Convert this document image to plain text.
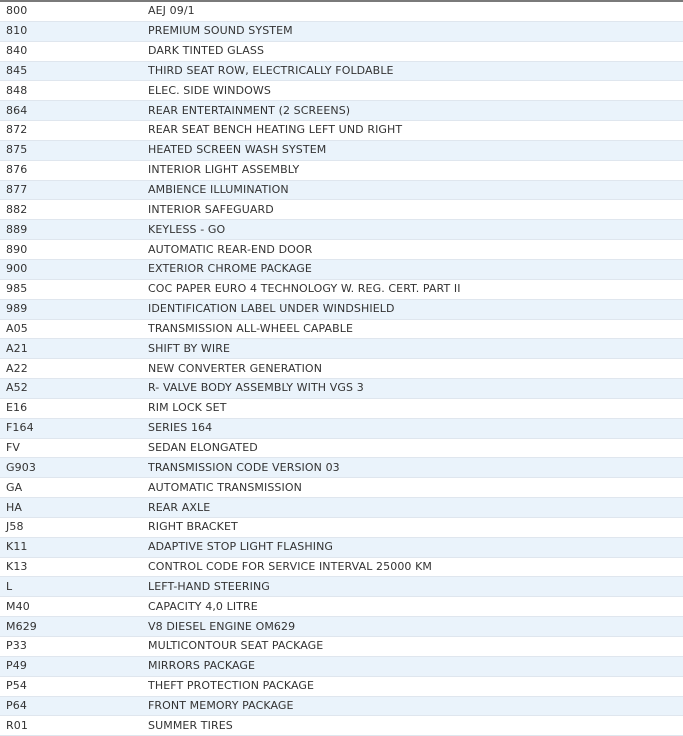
800	AEJ 09/1
810	PREMIUM SOUND SYSTEM
840	DARK TINTED GLASS
845	THIRD SEAT ROW, ELECTRICALLY FOLDABLE
848	ELEC. SIDE WINDOWS
864	REAR ENTERTAINMENT (2 SCREENS)
872	REAR SEAT BENCH HEATING LEFT UND RIGHT
875	HEATED SCREEN WASH SYSTEM
876	INTERIOR LIGHT ASSEMBLY
877	AMBIENCE ILLUMINATION
882	INTERIOR SAFEGUARD
889	KEYLESS - GO
890	AUTOMATIC REAR-END DOOR
900	EXTERIOR CHROME PACKAGE
985	COC PAPER EURO 4 TECHNOLOGY W. REG. CERT. PART II
989	IDENTIFICATION LABEL UNDER WINDSHIELD
A05	TRANSMISSION ALL-WHEEL CAPABLE
A21	SHIFT BY WIRE
A22	NEW CONVERTER GENERATION
A52	R- VALVE BODY ASSEMBLY WITH VGS 3
E16	RIM LOCK SET
F164	SERIES 164
FV	SEDAN ELONGATED
G903	TRANSMISSION CODE VERSION 03
GA	AUTOMATIC TRANSMISSION
HA	REAR AXLE
J58	RIGHT BRACKET
K11	ADAPTIVE STOP LIGHT FLASHING
K13	CONTROL CODE FOR SERVICE INTERVAL 25000 KM
L	LEFT-HAND STEERING
M40	CAPACITY 4,0 LITRE
M629	V8 DIESEL ENGINE OM629
P33	MULTICONTOUR SEAT PACKAGE
P49	MIRRORS PACKAGE
P54	THEFT PROTECTION PACKAGE
P64	FRONT MEMORY PACKAGE
R01	SUMMER TIRES
